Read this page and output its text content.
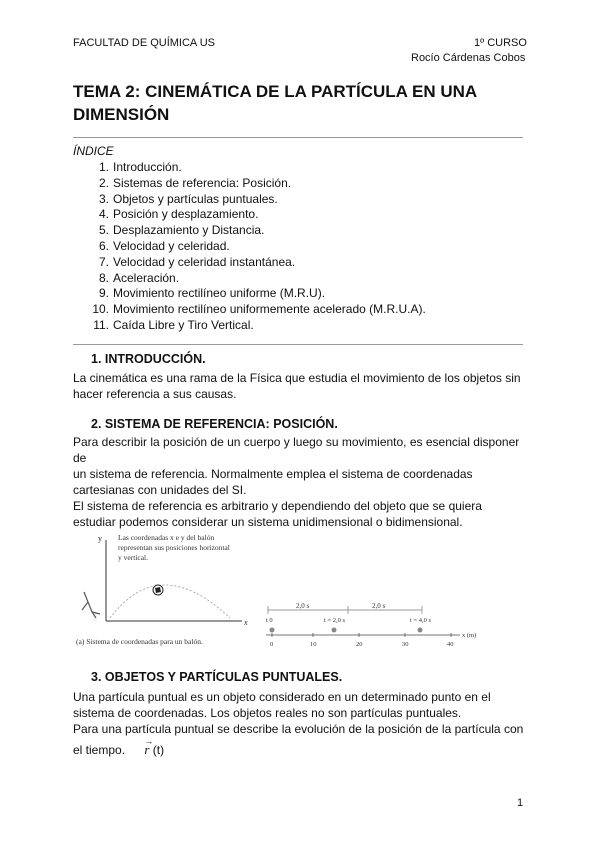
FACULTAD DE QUÍMICA US	1º CURSO
Rocío Cárdenas Cobos
TEMA 2: CINEMÁTICA DE LA PARTÍCULA EN UNA
DIMENSIÓN
ÍNDICE
1. Introducción.
2. Sistemas de referencia: Posición.
3. Objetos y partículas puntuales.
4. Posición y desplazamiento.
5. Desplazamiento y Distancia.
6. Velocidad y celeridad.
7. Velocidad y celeridad instantánea.
8. Aceleración.
9. Movimiento rectilíneo uniforme (M.R.U).
10. Movimiento rectilíneo uniformemente acelerado (M.R.U.A).
11. Caída Libre y Tiro Vertical.
1. INTRODUCCIÓN.
La cinemática es una rama de la Física que estudia el movimiento de los objetos sin
hacer referencia a sus causas.
2. SISTEMA DE REFERENCIA: POSICIÓN.
Para describir la posición de un cuerpo y luego su movimiento, es esencial disponer
de
un sistema de referencia. Normalmente emplea el sistema de coordenadas
cartesianas con unidades del SI.
El sistema de referencia es arbitrario y dependiendo del objeto que se quiera
estudiar podemos considerar un sistema unidimensional o bidimensional.
y
x
Las coordenadas x e y del balón
representan sus posiciones horizontal
y vertical.
(a) Sistema de coordenadas para un balón.
2,0 s	2,0 s
t 0	t = 2,0 s	t = 4,0 s
0	10	20	30	40
x (m)
3. OBJETOS Y PARTÍCULAS PUNTUALES.
Una partícula puntual es un objeto considerado en un determinado punto en el
sistema de coordenadas. Los objetos reales no son partículas puntuales.
Para una partícula puntual se describe la evolución de la posición de la partícula con
el tiempo.
→
r (t)
1
